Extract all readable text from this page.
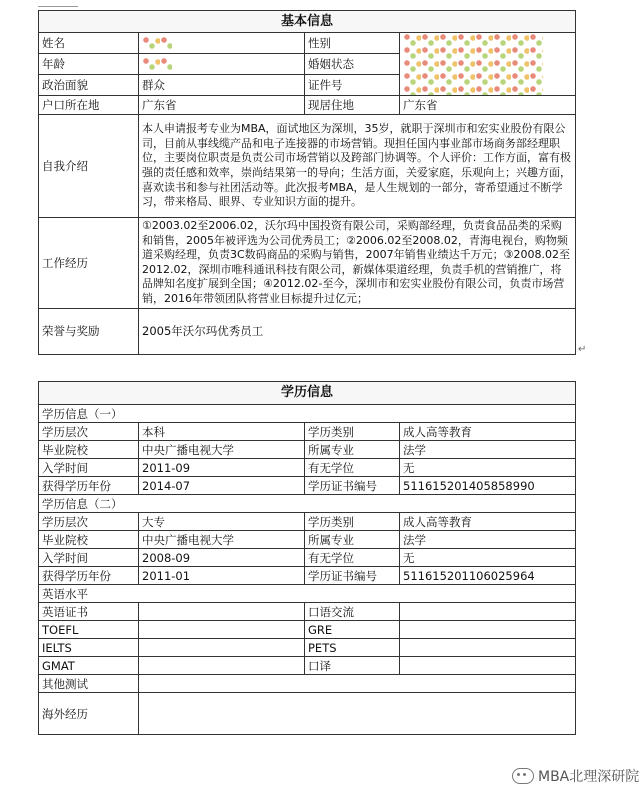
基本信息			
姓名		性别	
年龄		婚姻状态	
政治面貌	群众	证件号	
户口所在地	广东省	现居住地	广东省
自我介绍	本人申请报考专业为MBA，面试地区为深圳，35岁，就职于深圳市和宏实业股份有限公司，目前从事线缆产品和电子连接器的市场营销。现担任国内事业部市场商务部经理职位，主要岗位职责是负责公司市场营销以及跨部门协调等。个人评价：工作方面，富有极强的责任感和效率，崇尚结果第一的导向；生活方面，关爱家庭，乐观向上；兴趣方面，喜欢读书和参与社团活动等。此次报考MBA，是人生规划的一部分，寄希望通过不断学习，带来格局、眼界、专业知识方面的提升。		
工作经历	①2003.02至2006.02，沃尔玛中国投资有限公司，采购部经理，负责食品品类的采购和销售，2005年被评选为公司优秀员工；②2006.02至2008.02，青海电视台，购物频道采购经理，负责3C数码商品的采购与销售，2007年销售业绩达千万元；③2008.02至2012.02，深圳市唯科通讯科技有限公司，新媒体渠道经理，负责手机的营销推广，将品牌知名度扩展到全国；④2012.02-至今，深圳市和宏实业股份有限公司，负责市场营销，2016年带领团队将营业目标提升过亿元；		
荣誉与奖励	2005年沃尔玛优秀员工		
↵
学历信息			
学历信息（一）			
学历层次	本科	学历类别	成人高等教育
毕业院校	中央广播电视大学	所属专业	法学
入学时间	2011-09	有无学位	无
获得学历年份	2014-07	学历证书编号	511615201405858990
学历信息（二）			
学历层次	大专	学历类别	成人高等教育
毕业院校	中央广播电视大学	所属专业	法学
入学时间	2008-09	有无学位	无
获得学历年份	2011-01	学历证书编号	511615201106025964
英语水平			
英语证书		口语交流	
TOEFL		GRE	
IELTS		PETS	
GMAT		口译	
其他测试			
海外经历			
MBA北理深研院
